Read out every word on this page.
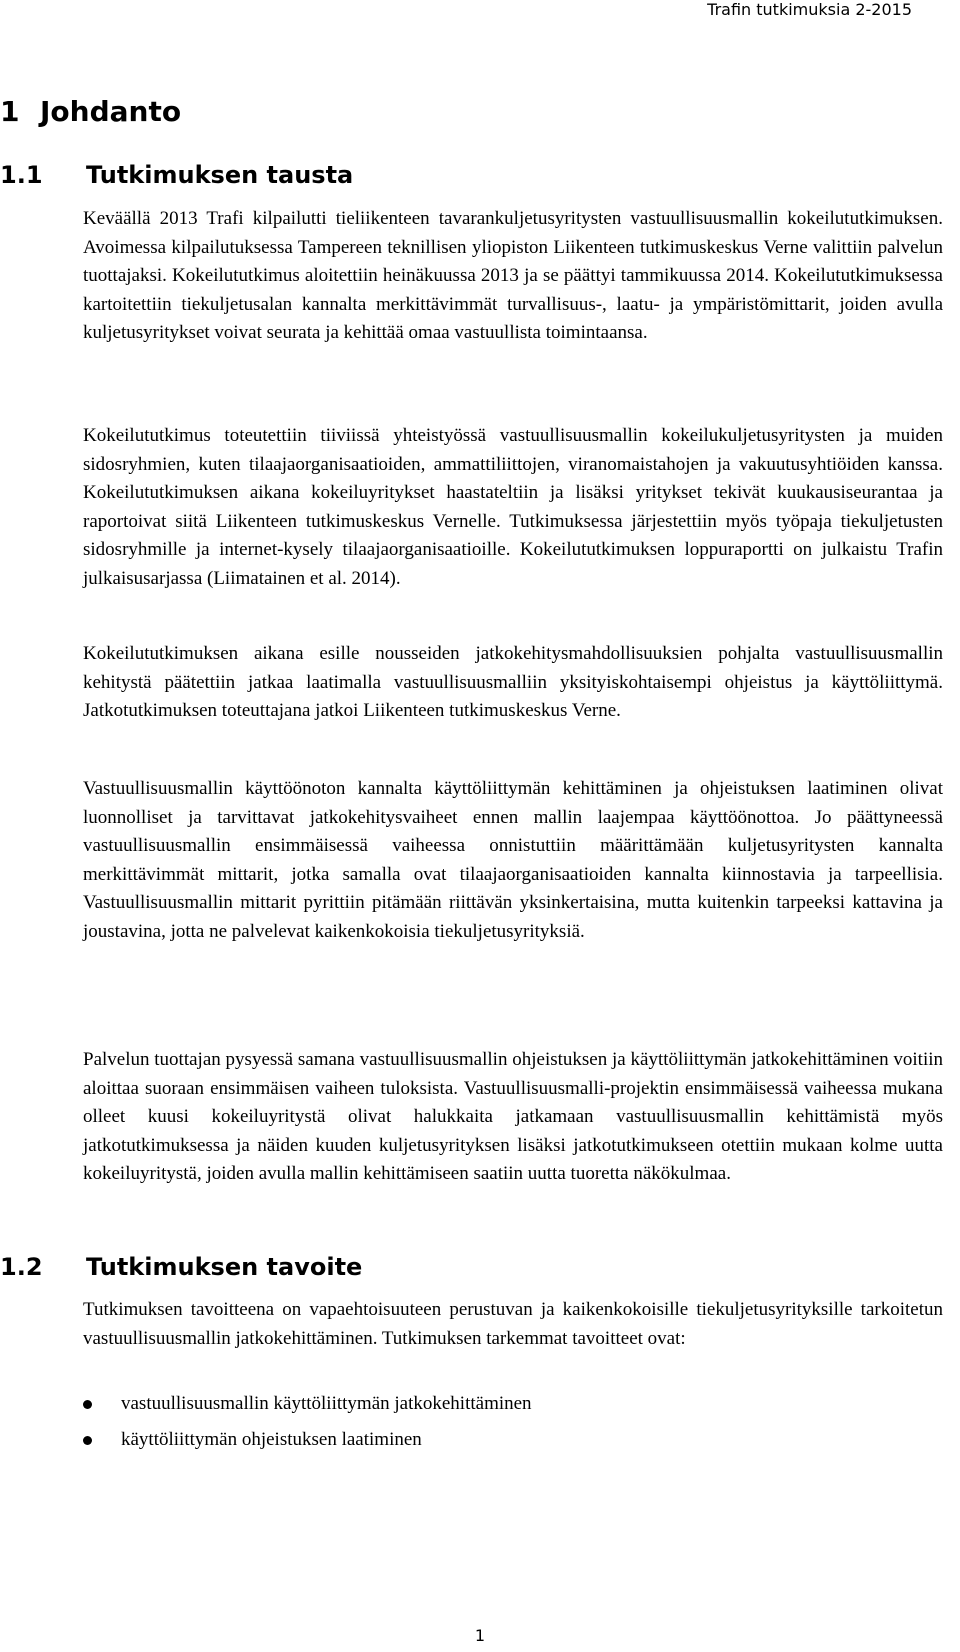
Trafin tutkimuksia 2-2015
1 Johdanto
1.1 Tutkimuksen tausta

Keväällä 2013 Trafi kilpailutti tieliikenteen tavarankuljetusyritysten vastuullisuusmallin kokeilututkimuksen. Avoimessa kilpailutuksessa Tampereen teknillisen yliopiston Liikenteen tutkimuskeskus Verne valittiin palvelun tuottajaksi. Kokeilututkimus aloitettiin heinäkuussa 2013 ja se päättyi tammikuussa 2014. Kokeilututkimuksessa kartoitettiin tiekuljetusalan kannalta merkittävimmät turvallisuus-, laatu- ja ympäristömittarit, joiden avulla kuljetusyritykset voivat seurata ja kehittää omaa vastuullista toimintaansa.

Kokeilututkimus toteutettiin tiiviissä yhteistyössä vastuullisuusmallin kokeilukuljetusyritysten ja muiden sidosryhmien, kuten tilaajaorganisaatioiden, ammattiliittojen, viranomaistahojen ja vakuutusyhtiöiden kanssa. Kokeilututkimuksen aikana kokeiluyritykset haastateltiin ja lisäksi yritykset tekivät kuukausiseurantaa ja raportoivat siitä Liikenteen tutkimuskeskus Vernelle. Tutkimuksessa järjestettiin myös työpaja tiekuljetusten sidosryhmille ja internet-kysely tilaajaorganisaatioille. Kokeilututkimuksen loppuraportti on julkaistu Trafin julkaisusarjassa (Liimatainen et al. 2014).

Kokeilututkimuksen aikana esille nousseiden jatkokehitysmahdollisuuksien pohjalta vastuullisuusmallin kehitystä päätettiin jatkaa laatimalla vastuullisuusmalliin yksityiskohtaisempi ohjeistus ja käyttöliittymä. Jatkotutkimuksen toteuttajana jatkoi Liikenteen tutkimuskeskus Verne.

Vastuullisuusmallin käyttöönoton kannalta käyttöliittymän kehittäminen ja ohjeistuksen laatiminen olivat luonnolliset ja tarvittavat jatkokehitysvaiheet ennen mallin laajempaa käyttöönottoa. Jo päättyneessä vastuullisuusmallin ensimmäisessä vaiheessa onnistuttiin määrittämään kuljetusyritysten kannalta merkittävimmät mittarit, jotka samalla ovat tilaajaorganisaatioiden kannalta kiinnostavia ja tarpeellisia. Vastuullisuusmallin mittarit pyrittiin pitämään riittävän yksinkertaisina, mutta kuitenkin tarpeeksi kattavina ja joustavina, jotta ne palvelevat kaikenkokoisia tiekuljetusyrityksiä.

Palvelun tuottajan pysyessä samana vastuullisuusmallin ohjeistuksen ja käyttöliittymän jatkokehittäminen voitiin aloittaa suoraan ensimmäisen vaiheen tuloksista. Vastuullisuusmalli-projektin ensimmäisessä vaiheessa mukana olleet kuusi kokeiluyritystä olivat halukkaita jatkamaan vastuullisuusmallin kehittämistä myös jatkotutkimuksessa ja näiden kuuden kuljetusyrityksen lisäksi jatkotutkimukseen otettiin mukaan kolme uutta kokeiluyritystä, joiden avulla mallin kehittämiseen saatiin uutta tuoretta näkökulmaa.

1.2 Tutkimuksen tavoite

Tutkimuksen tavoitteena on vapaehtoisuuteen perustuvan ja kaikenkokoisille tiekuljetusyrityksille tarkoitetun vastuullisuusmallin jatkokehittäminen. Tutkimuksen tarkemmat tavoitteet ovat:

vastuullisuusmallin käyttöliittymän jatkokehittäminen
käyttöliittymän ohjeistuksen laatiminen
1
